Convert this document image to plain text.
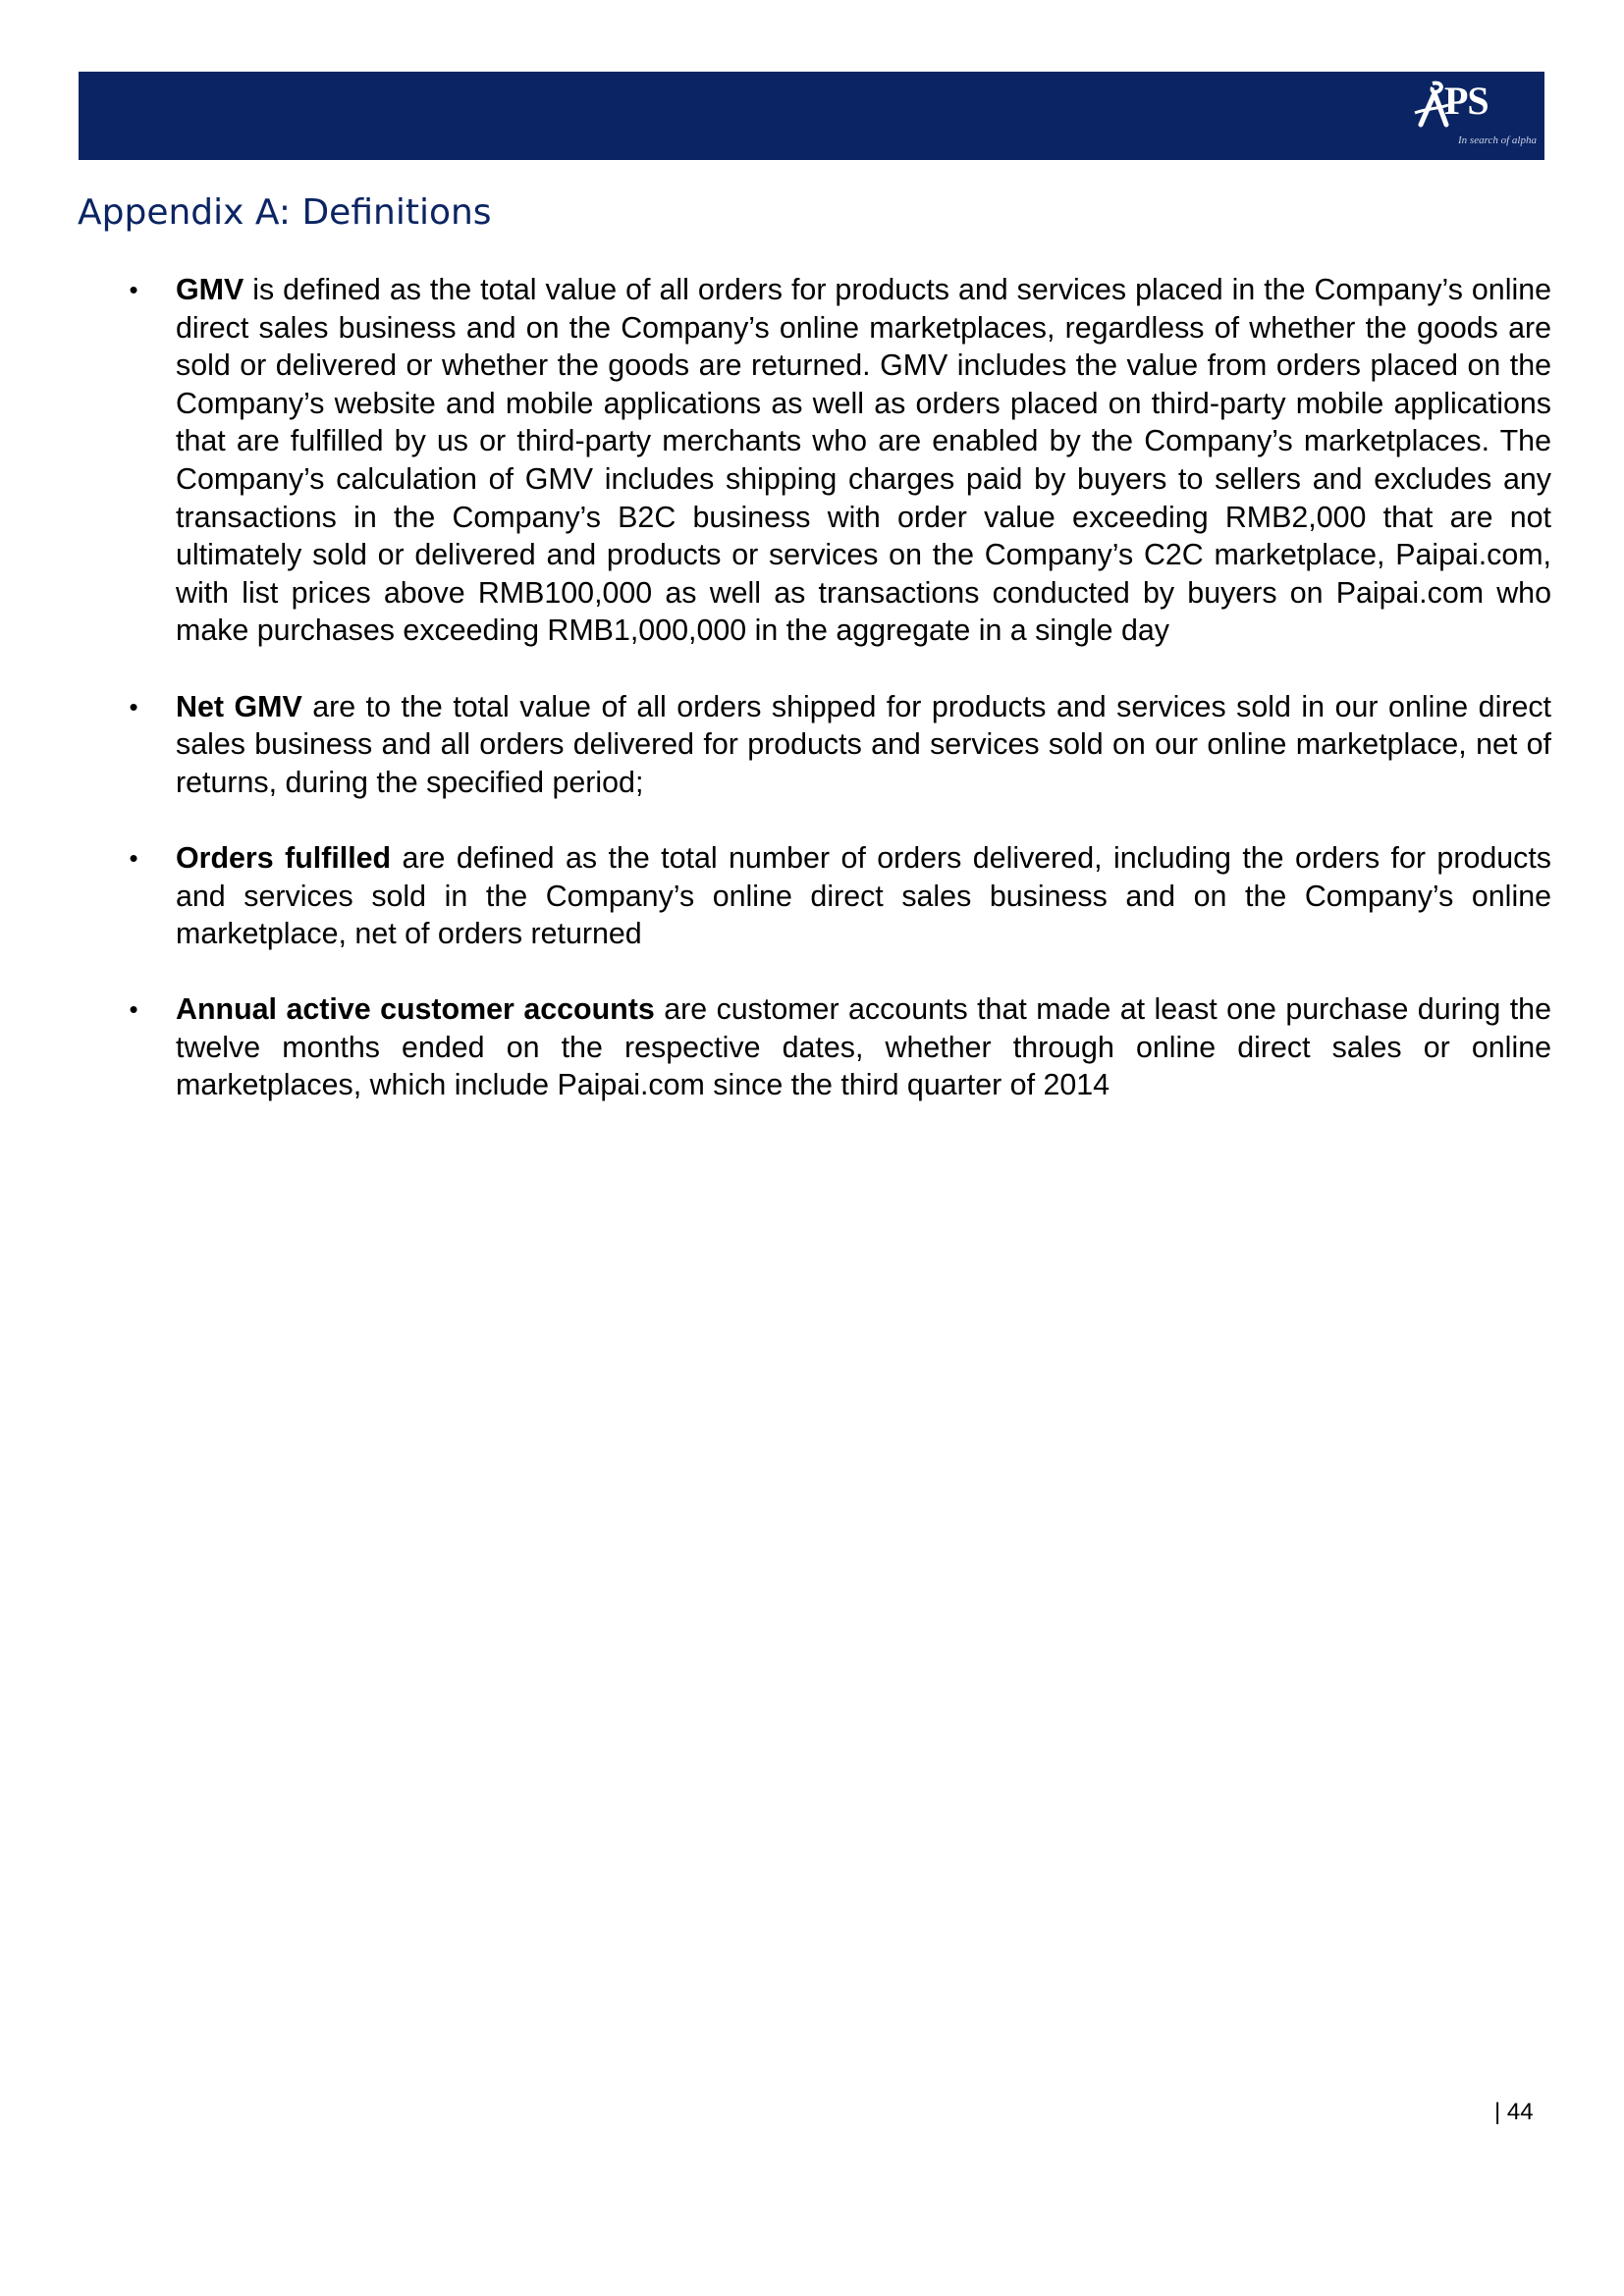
PS
In search of alpha
Appendix A: Definitions
• GMV is defined as the total value of all orders for products and services placed in the Company’s online direct sales business and on the Company’s online marketplaces, regardless of whether the goods are sold or delivered or whether the goods are returned. GMV includes the value from orders placed on the Company’s website and mobile applications as well as orders placed on third-party mobile applications that are fulfilled by us or third-party merchants who are enabled by the Company’s marketplaces. The Company’s calculation of GMV includes shipping charges paid by buyers to sellers and excludes any transactions in the Company’s B2C business with order value exceeding RMB2,000 that are not ultimately sold or delivered and products or services on the Company’s C2C marketplace, Paipai.com, with list prices above RMB100,000 as well as transactions conducted by buyers on Paipai.com who make purchases exceeding RMB1,000,000 in the aggregate in a single day
• Net GMV are to the total value of all orders shipped for products and services sold in our online direct sales business and all orders delivered for products and services sold on our online marketplace, net of returns, during the specified period;
• Orders fulfilled are defined as the total number of orders delivered, including the orders for products and services sold in the Company’s online direct sales business and on the Company’s online marketplace, net of orders returned
• Annual active customer accounts are customer accounts that made at least one purchase during the twelve months ended on the respective dates, whether through online direct sales or online marketplaces, which include Paipai.com since the third quarter of 2014
| 44
